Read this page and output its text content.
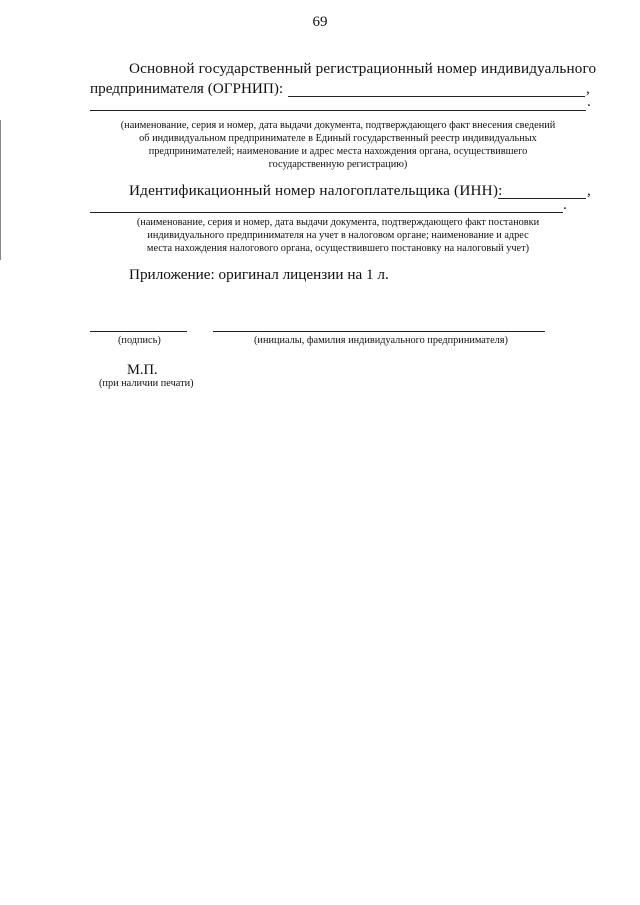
69
Основной государственный регистрационный номер индивидуального
предпринимателя (ОГРНИП):	,
.
(наименование, серия и номер, дата выдачи документа, подтверждающего факт внесения сведений
об индивидуальном предпринимателе в Единый государственный реестр индивидуальных
предпринимателей; наименование и адрес места нахождения органа, осуществившего
государственную регистрацию)
Идентификационный номер налогоплательщика (ИНН):	,
.
(наименование, серия и номер, дата выдачи документа, подтверждающего факт постановки
индивидуального предпринимателя на учет в налоговом органе; наименование и адрес
места нахождения налогового органа, осуществившего постановку на налоговый учет)
Приложение: оригинал лицензии на 1 л.
(подпись)	(инициалы, фамилия индивидуального предпринимателя)
М.П.
(при наличии печати)
